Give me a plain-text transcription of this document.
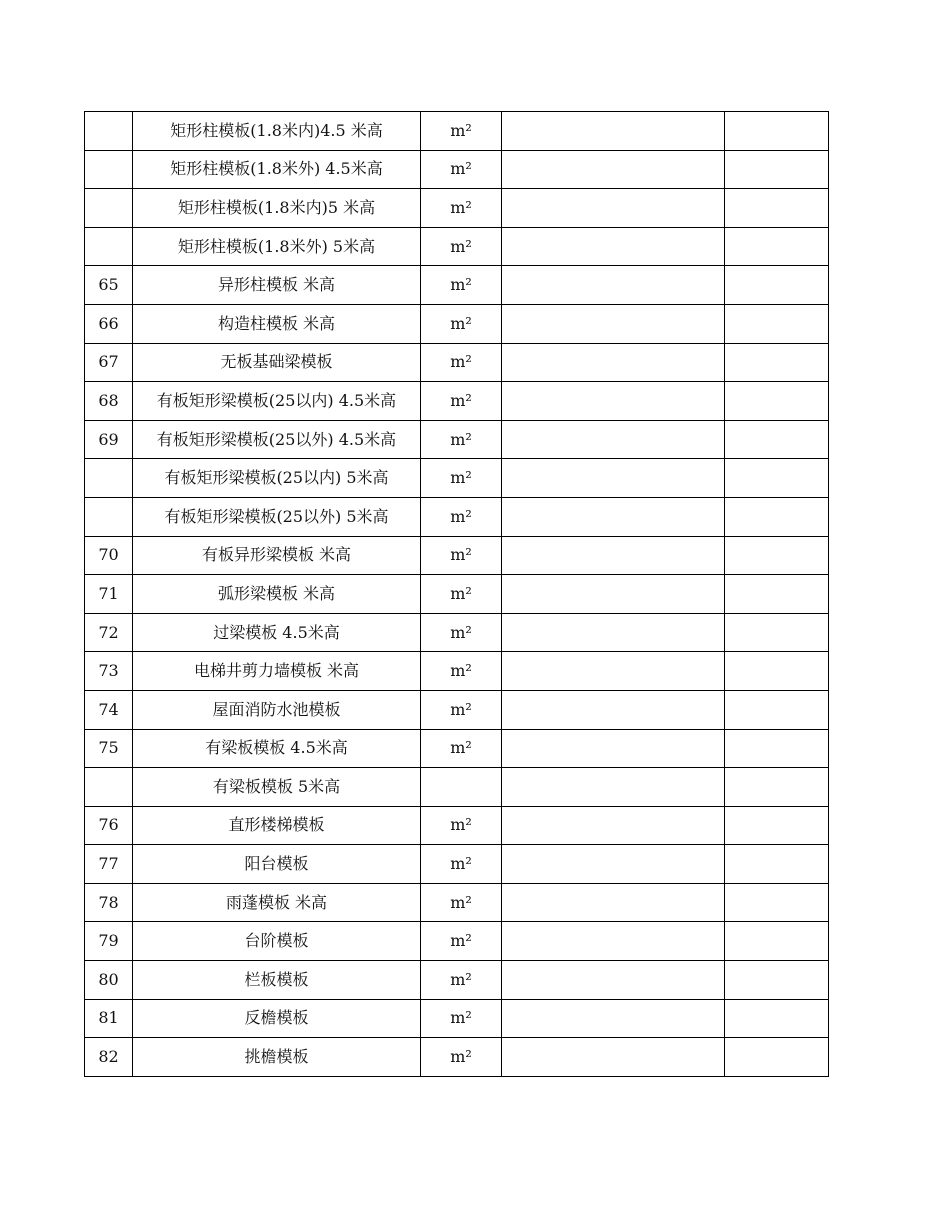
	矩形柱模板(1.8米内)4.5 米高	m²		
	矩形柱模板(1.8米外) 4.5米高	m²		
	矩形柱模板(1.8米内)5 米高	m²		
	矩形柱模板(1.8米外) 5米高	m²		
65	异形柱模板 米高	m²		
66	构造柱模板 米高	m²		
67	无板基础梁模板	m²		
68	有板矩形梁模板(25以内) 4.5米高	m²		
69	有板矩形梁模板(25以外) 4.5米高	m²		
	有板矩形梁模板(25以内) 5米高	m²		
	有板矩形梁模板(25以外) 5米高	m²		
70	有板异形梁模板 米高	m²		
71	弧形梁模板 米高	m²		
72	过梁模板 4.5米高	m²		
73	电梯井剪力墙模板 米高	m²		
74	屋面消防水池模板	m²		
75	有梁板模板 4.5米高	m²		
	有梁板模板 5米高			
76	直形楼梯模板	m²		
77	阳台模板	m²		
78	雨蓬模板 米高	m²		
79	台阶模板	m²		
80	栏板模板	m²		
81	反檐模板	m²		
82	挑檐模板	m²		
